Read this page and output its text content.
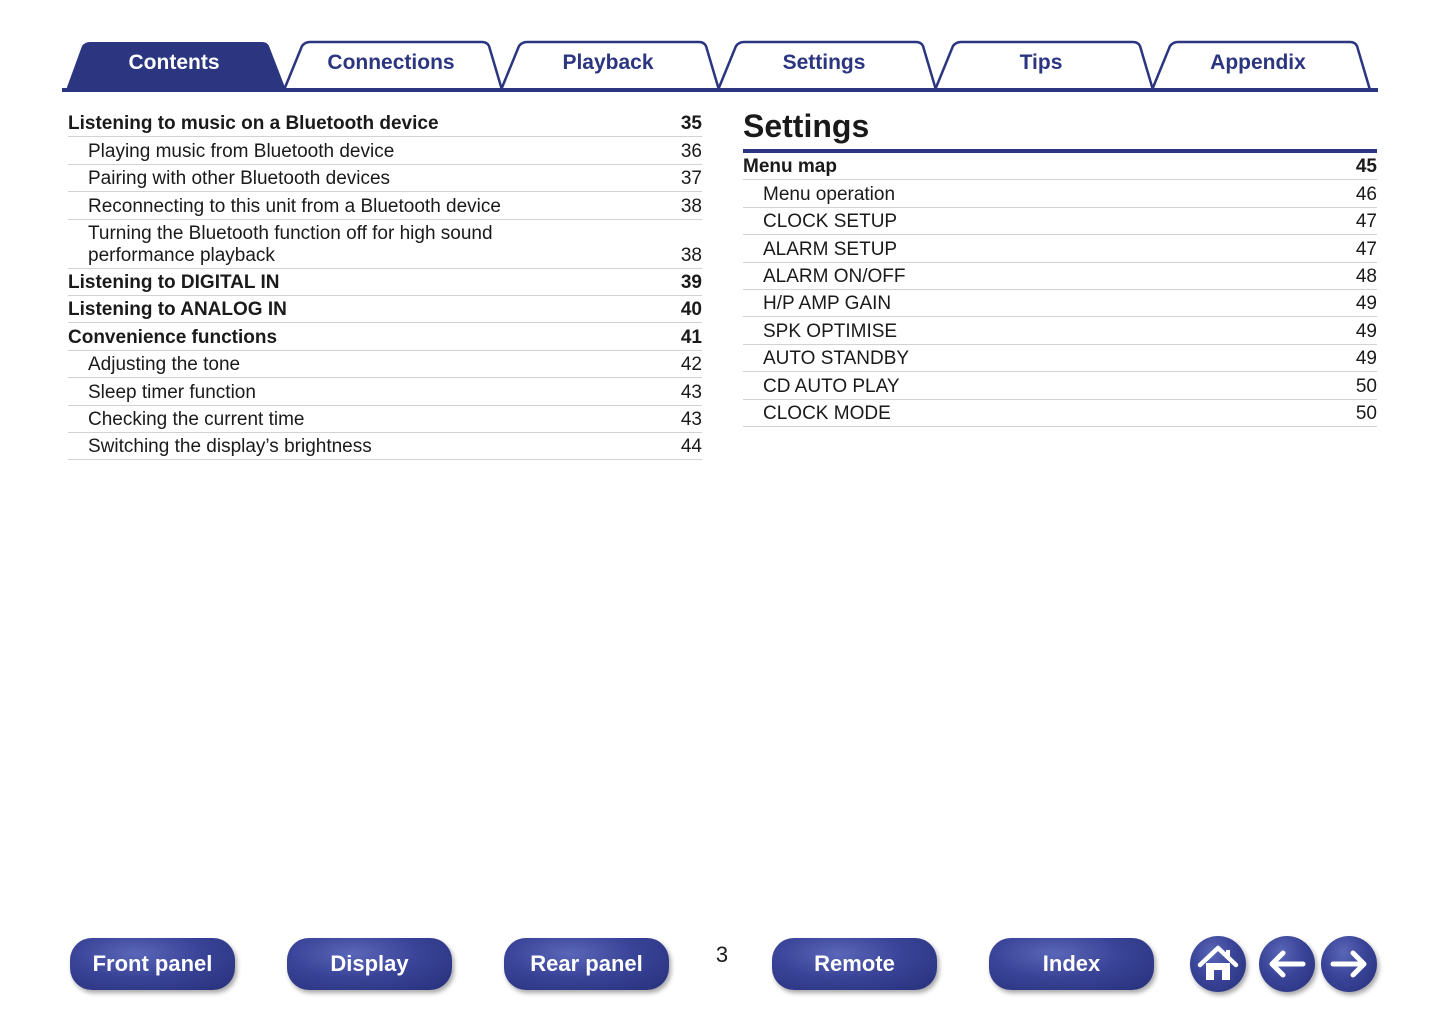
Contents	Connections	Playback	Settings	Tips	Appendix
Listening to music on a Bluetooth device	35
Playing music from Bluetooth device	36
Pairing with other Bluetooth devices	37
Reconnecting to this unit from a Bluetooth device	38
Turning the Bluetooth function off for high sound performance playback	38
Listening to DIGITAL IN	39
Listening to ANALOG IN	40
Convenience functions	41
Adjusting the tone	42
Sleep timer function	43
Checking the current time	43
Switching the display’s brightness	44
Settings
Menu map	45
Menu operation	46
CLOCK SETUP	47
ALARM SETUP	47
ALARM ON/OFF	48
H/P AMP GAIN	49
SPK OPTIMISE	49
AUTO STANDBY	49
CD AUTO PLAY	50
CLOCK MODE	50
Front panel	Display	Rear panel	3	Remote	Index
